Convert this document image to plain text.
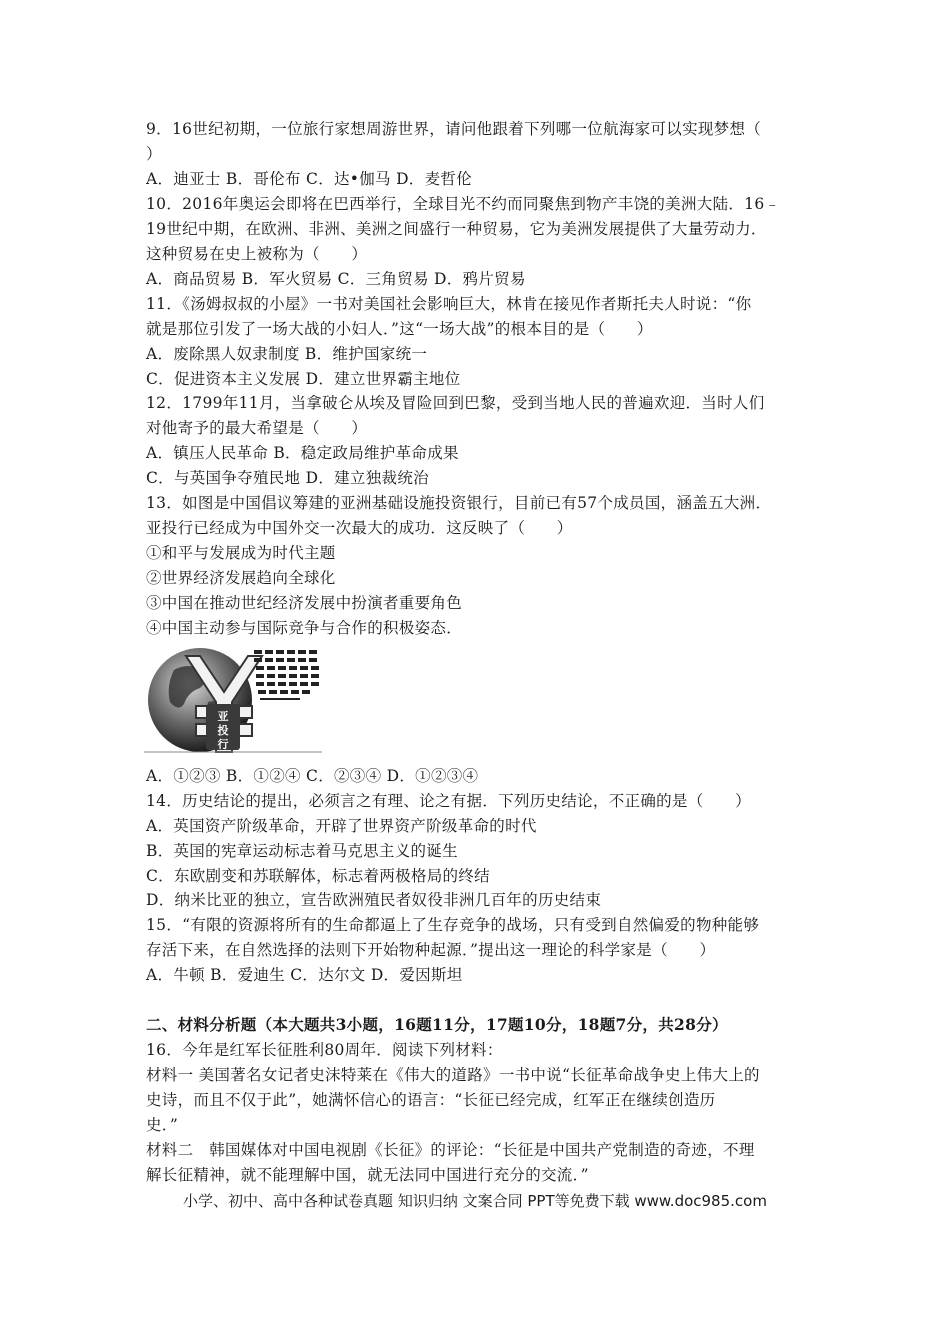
9．16世纪初期，一位旅行家想周游世界，请问他跟着下列哪一位航海家可以实现梦想（
）
A．迪亚士 B．哥伦布 C．达•伽马 D．麦哲伦
10．2016年奥运会即将在巴西举行，全球目光不约而同聚焦到物产丰饶的美洲大陆．16﹣
19世纪中期，在欧洲、非洲、美洲之间盛行一种贸易，它为美洲发展提供了大量劳动力．
这种贸易在史上被称为（　　）
A．商品贸易 B．军火贸易 C．三角贸易 D．鸦片贸易
11．《汤姆叔叔的小屋》一书对美国社会影响巨大，林肯在接见作者斯托夫人时说：“你
就是那位引发了一场大战的小妇人．”这“一场大战”的根本目的是（　　）
A．废除黑人奴隶制度 B．维护国家统一
C．促进资本主义发展 D．建立世界霸主地位
12．1799年11月，当拿破仑从埃及冒险回到巴黎，受到当地人民的普遍欢迎．当时人们
对他寄予的最大希望是（　　）
A．镇压人民革命 B．稳定政局维护革命成果
C．与英国争夺殖民地 D．建立独裁统治
13．如图是中国倡议筹建的亚洲基础设施投资银行，目前已有57个成员国，涵盖五大洲．
亚投行已经成为中国外交一次最大的成功．这反映了（　　）
①和平与发展成为时代主题
②世界经济发展趋向全球化
③中国在推动世纪经济发展中扮演者重要角色
④中国主动参与国际竞争与合作的积极姿态．
亚
投
行
A．①②③ B．①②④ C．②③④ D．①②③④
14．历史结论的提出，必须言之有理、论之有据．下列历史结论，不正确的是（　　）
A．英国资产阶级革命，开辟了世界资产阶级革命的时代
B．英国的宪章运动标志着马克思主义的诞生
C．东欧剧变和苏联解体，标志着两极格局的终结
D．纳米比亚的独立，宣告欧洲殖民者奴役非洲几百年的历史结束
15．“有限的资源将所有的生命都逼上了生存竞争的战场，只有受到自然偏爱的物种能够
存活下来，在自然选择的法则下开始物种起源．”提出这一理论的科学家是（　　）
A．牛顿 B．爱迪生 C．达尔文 D．爱因斯坦
二、材料分析题（本大题共3小题，16题11分，17题10分，18题7分，共28分）
16．今年是红军长征胜利80周年．阅读下列材料：
材料一 美国著名女记者史沫特莱在《伟大的道路》一书中说“长征革命战争史上伟大上的
史诗，而且不仅于此”，她满怀信心的语言：“长征已经完成，红军正在继续创造历
史．”
材料二　韩国媒体对中国电视剧《长征》的评论：“长征是中国共产党制造的奇迹，不理
解长征精神，就不能理解中国，就无法同中国进行充分的交流．”
小学、初中、高中各种试卷真题 知识归纳 文案合同 PPT等免费下载 www.doc985.com
